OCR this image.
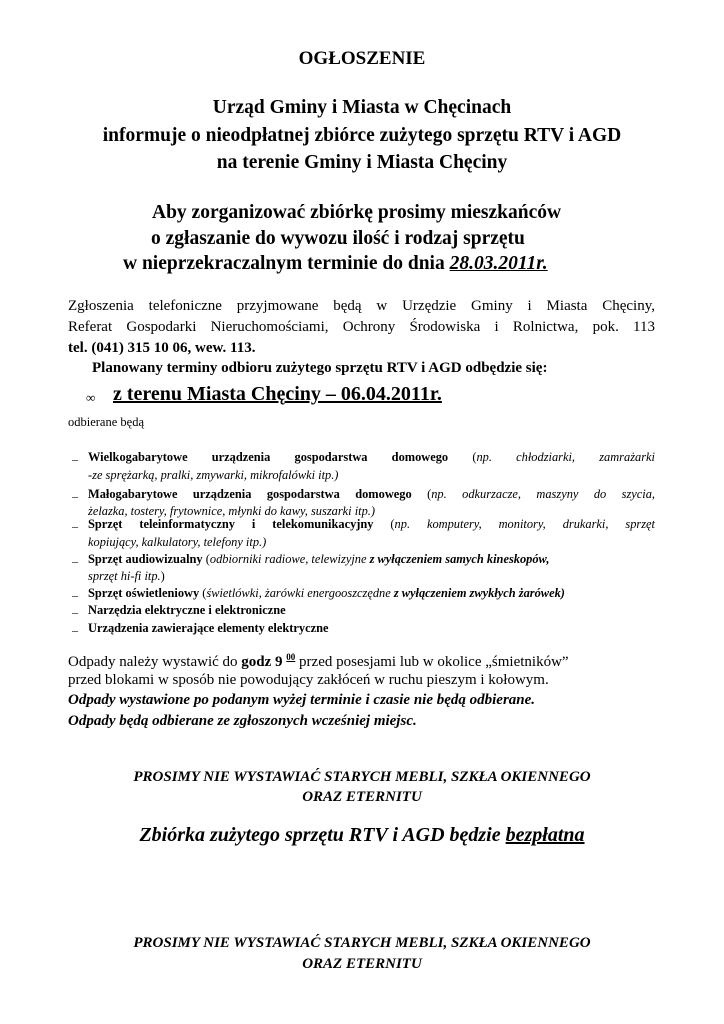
OGŁOSZENIE
Urząd Gminy i Miasta w Chęcinach
informuje o nieodpłatnej zbiórce zużytego sprzętu RTV i AGD
na terenie Gminy i Miasta Chęciny
Aby zorganizować zbiórkę prosimy mieszkańców
o zgłaszanie do wywozu ilość i rodzaj sprzętu
w nieprzekraczalnym terminie do dnia 28.03.2011r.
Zgłoszenia telefoniczne przyjmowane będą w Urzędzie Gminy i Miasta Chęciny,
Referat Gospodarki Nieruchomościami, Ochrony Środowiska i Rolnictwa, pok. 113
tel. (041) 315 10 06, wew. 113.
Planowany terminy odbioru zużytego sprzętu RTV i AGD odbędzie się:
∞ z terenu Miasta Chęciny – 06.04.2011r.
odbierane będą
– Wielkogabarytowe urządzenia gospodarstwa domowego (np. chłodziarki, zamrażarki
-ze sprężarką, pralki, zmywarki, mikrofalówki itp.)
– Małogabarytowe urządzenia gospodarstwa domowego (np. odkurzacze, maszyny do szycia,
żelazka, tostery, frytownice, młynki do kawy, suszarki itp.)
– Sprzęt teleinformatyczny i telekomunikacyjny (np. komputery, monitory, drukarki, sprzęt
kopiujący, kalkulatory, telefony itp.)
– Sprzęt audiowizualny (odbiorniki radiowe, telewizyjne z wyłączeniem samych kineskopów,
sprzęt hi-fi itp.)
– Sprzęt oświetleniowy (świetlówki, żarówki energooszczędne z wyłączeniem zwykłych żarówek)
– Narzędzia elektryczne i elektroniczne
– Urządzenia zawierające elementy elektryczne
Odpady należy wystawić do godz 9 $^{00}$ przed posesjami lub w okolice „śmietników”
przed blokami w sposób nie powodujący zakłóceń w ruchu pieszym i kołowym.
Odpady wystawione po podanym wyżej terminie i czasie nie będą odbierane.
Odpady będą odbierane ze zgłoszonych wcześniej miejsc.
PROSIMY NIE WYSTAWIAĆ STARYCH MEBLI, SZKŁA OKIENNEGO
ORAZ ETERNITU
Zbiórka zużytego sprzętu RTV i AGD będzie bezpłatna
PROSIMY NIE WYSTAWIAĆ STARYCH MEBLI, SZKŁA OKIENNEGO
ORAZ ETERNITU
